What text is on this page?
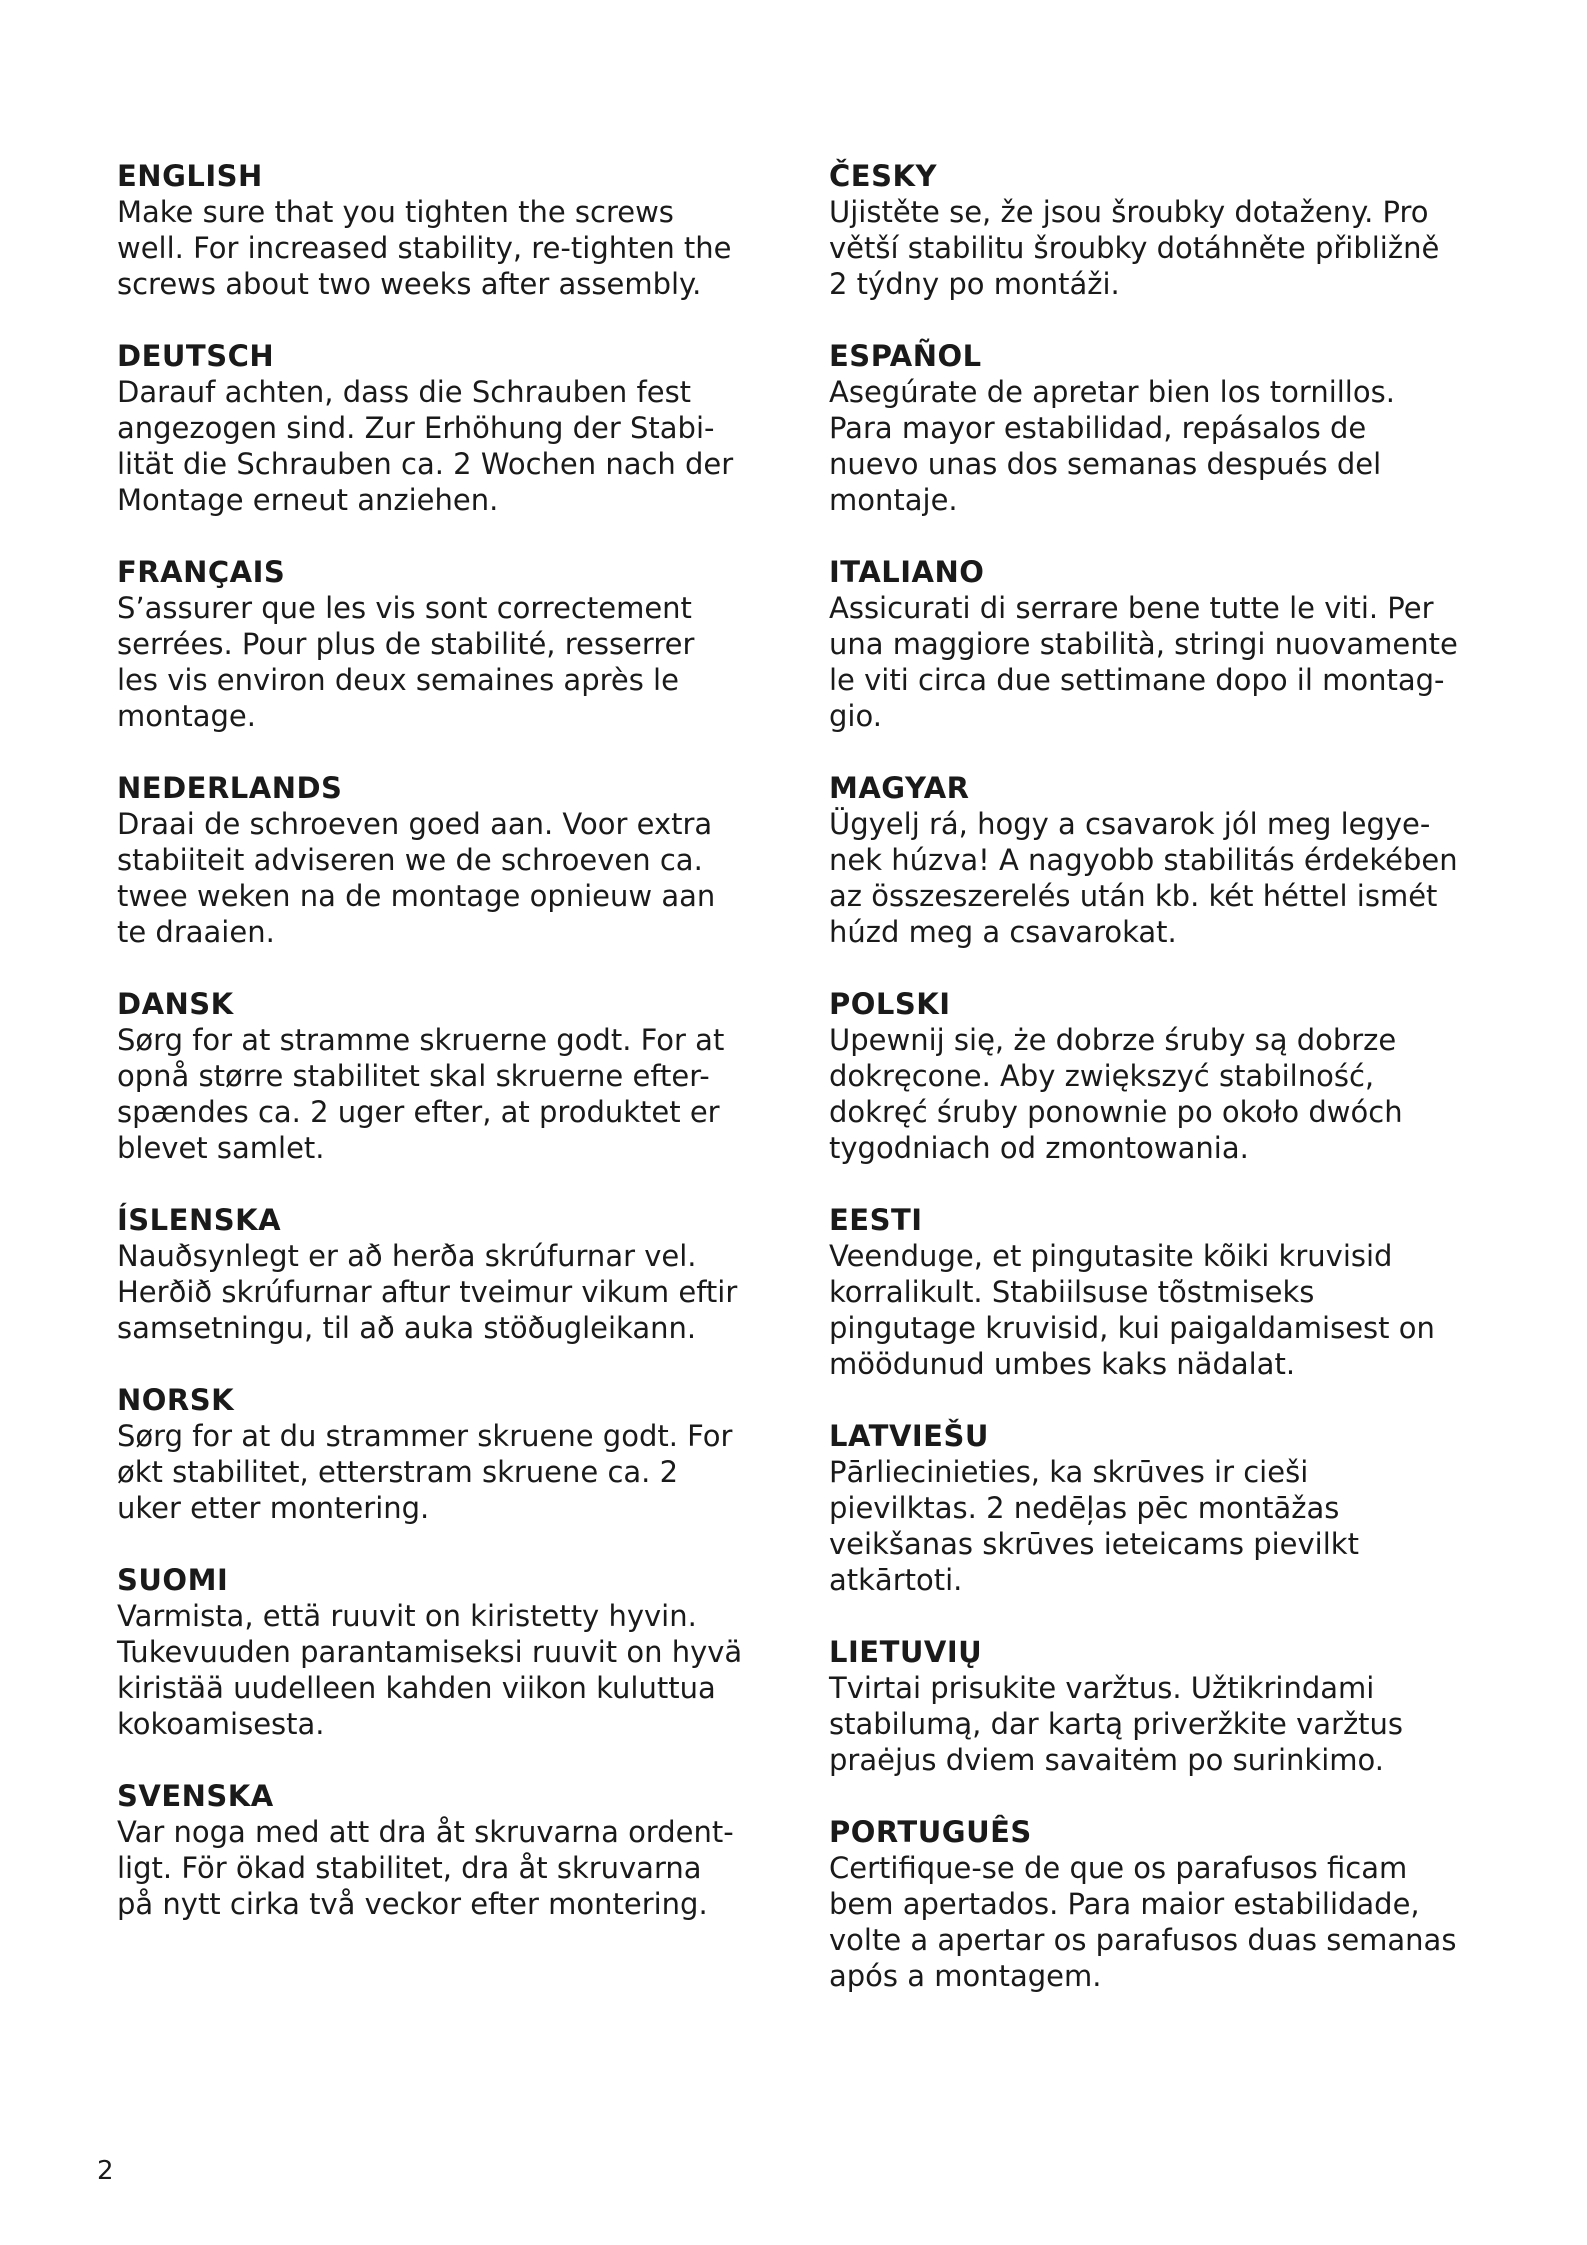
ENGLISH

Make sure that you tighten the screws
well. For increased stability, re-tighten the
screws about two weeks after assembly.

DEUTSCH

Darauf achten, dass die Schrauben fest
angezogen sind. Zur Erhöhung der Stabi-
lität die Schrauben ca. 2 Wochen nach der
Montage erneut anziehen.

FRANÇAIS

S’assurer que les vis sont correctement
serrées. Pour plus de stabilité, resserrer
les vis environ deux semaines après le
montage.

NEDERLANDS

Draai de schroeven goed aan. Voor extra
stabiiteit adviseren we de schroeven ca.
twee weken na de montage opnieuw aan
te draaien.

DANSK

Sørg for at stramme skruerne godt. For at
opnå større stabilitet skal skruerne efter-
spændes ca. 2 uger efter, at produktet er
blevet samlet.

ÍSLENSKA

Nauðsynlegt er að herða skrúfurnar vel.
Herðið skrúfurnar aftur tveimur vikum eftir
samsetningu, til að auka stöðugleikann.

NORSK

Sørg for at du strammer skruene godt. For
økt stabilitet, etterstram skruene ca. 2
uker etter montering.

SUOMI

Varmista, että ruuvit on kiristetty hyvin.
Tukevuuden parantamiseksi ruuvit on hyvä
kiristää uudelleen kahden viikon kuluttua
kokoamisesta.

SVENSKA

Var noga med att dra åt skruvarna ordent-
ligt. För ökad stabilitet, dra åt skruvarna
på nytt cirka två veckor efter montering.

ČESKY

Ujistěte se, že jsou šroubky dotaženy. Pro
větší stabilitu šroubky dotáhněte přibližně
2 týdny po montáži.

ESPAÑOL

Asegúrate de apretar bien los tornillos.
Para mayor estabilidad, repásalos de
nuevo unas dos semanas después del
montaje.

ITALIANO

Assicurati di serrare bene tutte le viti. Per
una maggiore stabilità, stringi nuovamente
le viti circa due settimane dopo il montag-
gio.

MAGYAR

Ügyelj rá, hogy a csavarok jól meg legye-
nek húzva! A nagyobb stabilitás érdekében
az összeszerelés után kb. két héttel ismét
húzd meg a csavarokat.

POLSKI

Upewnij się, że dobrze śruby są dobrze
dokręcone. Aby zwiększyć stabilność,
dokręć śruby ponownie po około dwóch
tygodniach od zmontowania.

EESTI

Veenduge, et pingutasite kõiki kruvisid
korralikult. Stabiilsuse tõstmiseks
pingutage kruvisid, kui paigaldamisest on
möödunud umbes kaks nädalat.

LATVIEŠU

Pārliecinieties, ka skrūves ir cieši
pievilktas. 2 nedēļas pēc montāžas
veikšanas skrūves ieteicams pievilkt
atkārtoti.

LIETUVIŲ

Tvirtai prisukite varžtus. Užtikrindami
stabilumą, dar kartą priveržkite varžtus
praėjus dviem savaitėm po surinkimo.

PORTUGUÊS

Certifique-se de que os parafusos ficam
bem apertados. Para maior estabilidade,
volte a apertar os parafusos duas semanas
após a montagem.

2
